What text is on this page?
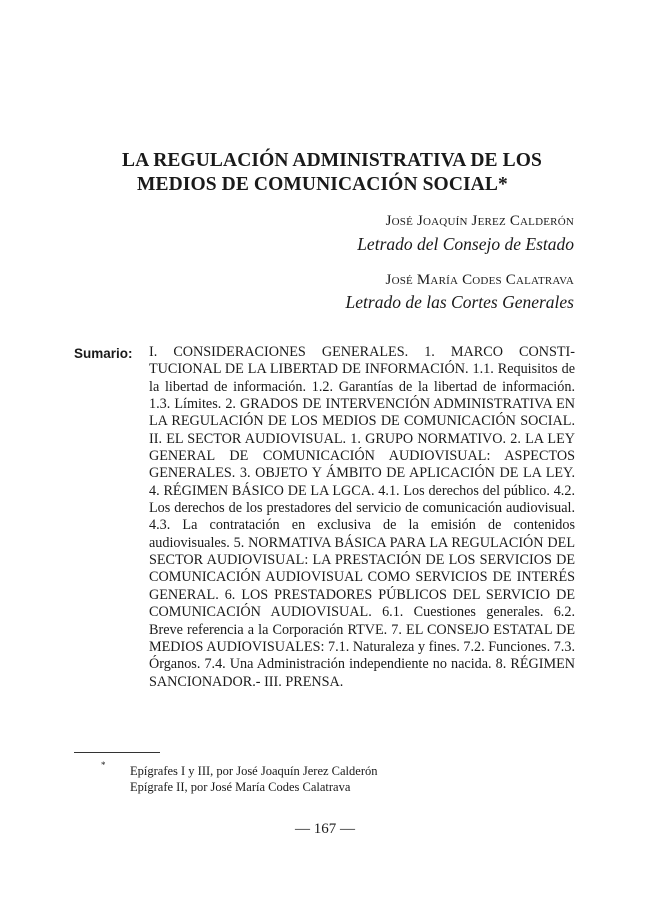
LA REGULACIÓN ADMINISTRATIVA DE LOS
MEDIOS DE COMUNICACIÓN SOCIAL*
José Joaquín Jerez Calderón
Letrado del Consejo de Estado
José María Codes Calatrava
Letrado de las Cortes Generales
Sumario: I. CONSIDERACIONES GENERALES. 1. MARCO CONSTITUCIONAL DE LA LIBERTAD DE INFORMACIÓN. 1.1. Requisitos de la libertad de información. 1.2. Garantías de la libertad de información. 1.3. Límites. 2. GRADOS DE INTERVENCIÓN ADMINISTRATIVA EN LA REGULACIÓN DE LOS MEDIOS DE COMUNICACIÓN SOCIAL. II. EL SECTOR AUDIOVISUAL. 1. GRUPO NORMATIVO. 2. LA LEY GENERAL DE COMUNICACIÓN AUDIOVISUAL: ASPECTOS GENERALES. 3. OBJETO Y ÁMBITO DE APLICACIÓN DE LA LEY. 4. RÉGIMEN BÁSICO DE LA LGCA. 4.1. Los derechos del público. 4.2. Los derechos de los prestadores del servicio de comunicación audiovisual. 4.3. La contratación en exclusiva de la emisión de contenidos audiovisuales. 5. NORMATIVA BÁSICA PARA LA REGULACIÓN DEL SECTOR AUDIOVISUAL: LA PRESTACIÓN DE LOS SERVICIOS DE COMUNICACIÓN AUDIOVISUAL COMO SERVICIOS DE INTERÉS GENERAL. 6. LOS PRESTADORES PÚBLICOS DEL SERVICIO DE COMUNICACIÓN AUDIOVISUAL. 6.1. Cuestiones generales. 6.2. Breve referencia a la Corporación RTVE. 7. EL CONSEJO ESTATAL DE MEDIOS AUDIOVISUALES: 7.1. Naturaleza y fines. 7.2. Funciones. 7.3. Órganos. 7.4. Una Administración independiente no nacida. 8. RÉGIMEN SANCIONADOR.- III. PRENSA.
* Epígrafes I y III, por José Joaquín Jerez Calderón
Epígrafe II, por José María Codes Calatrava
— 167 —
